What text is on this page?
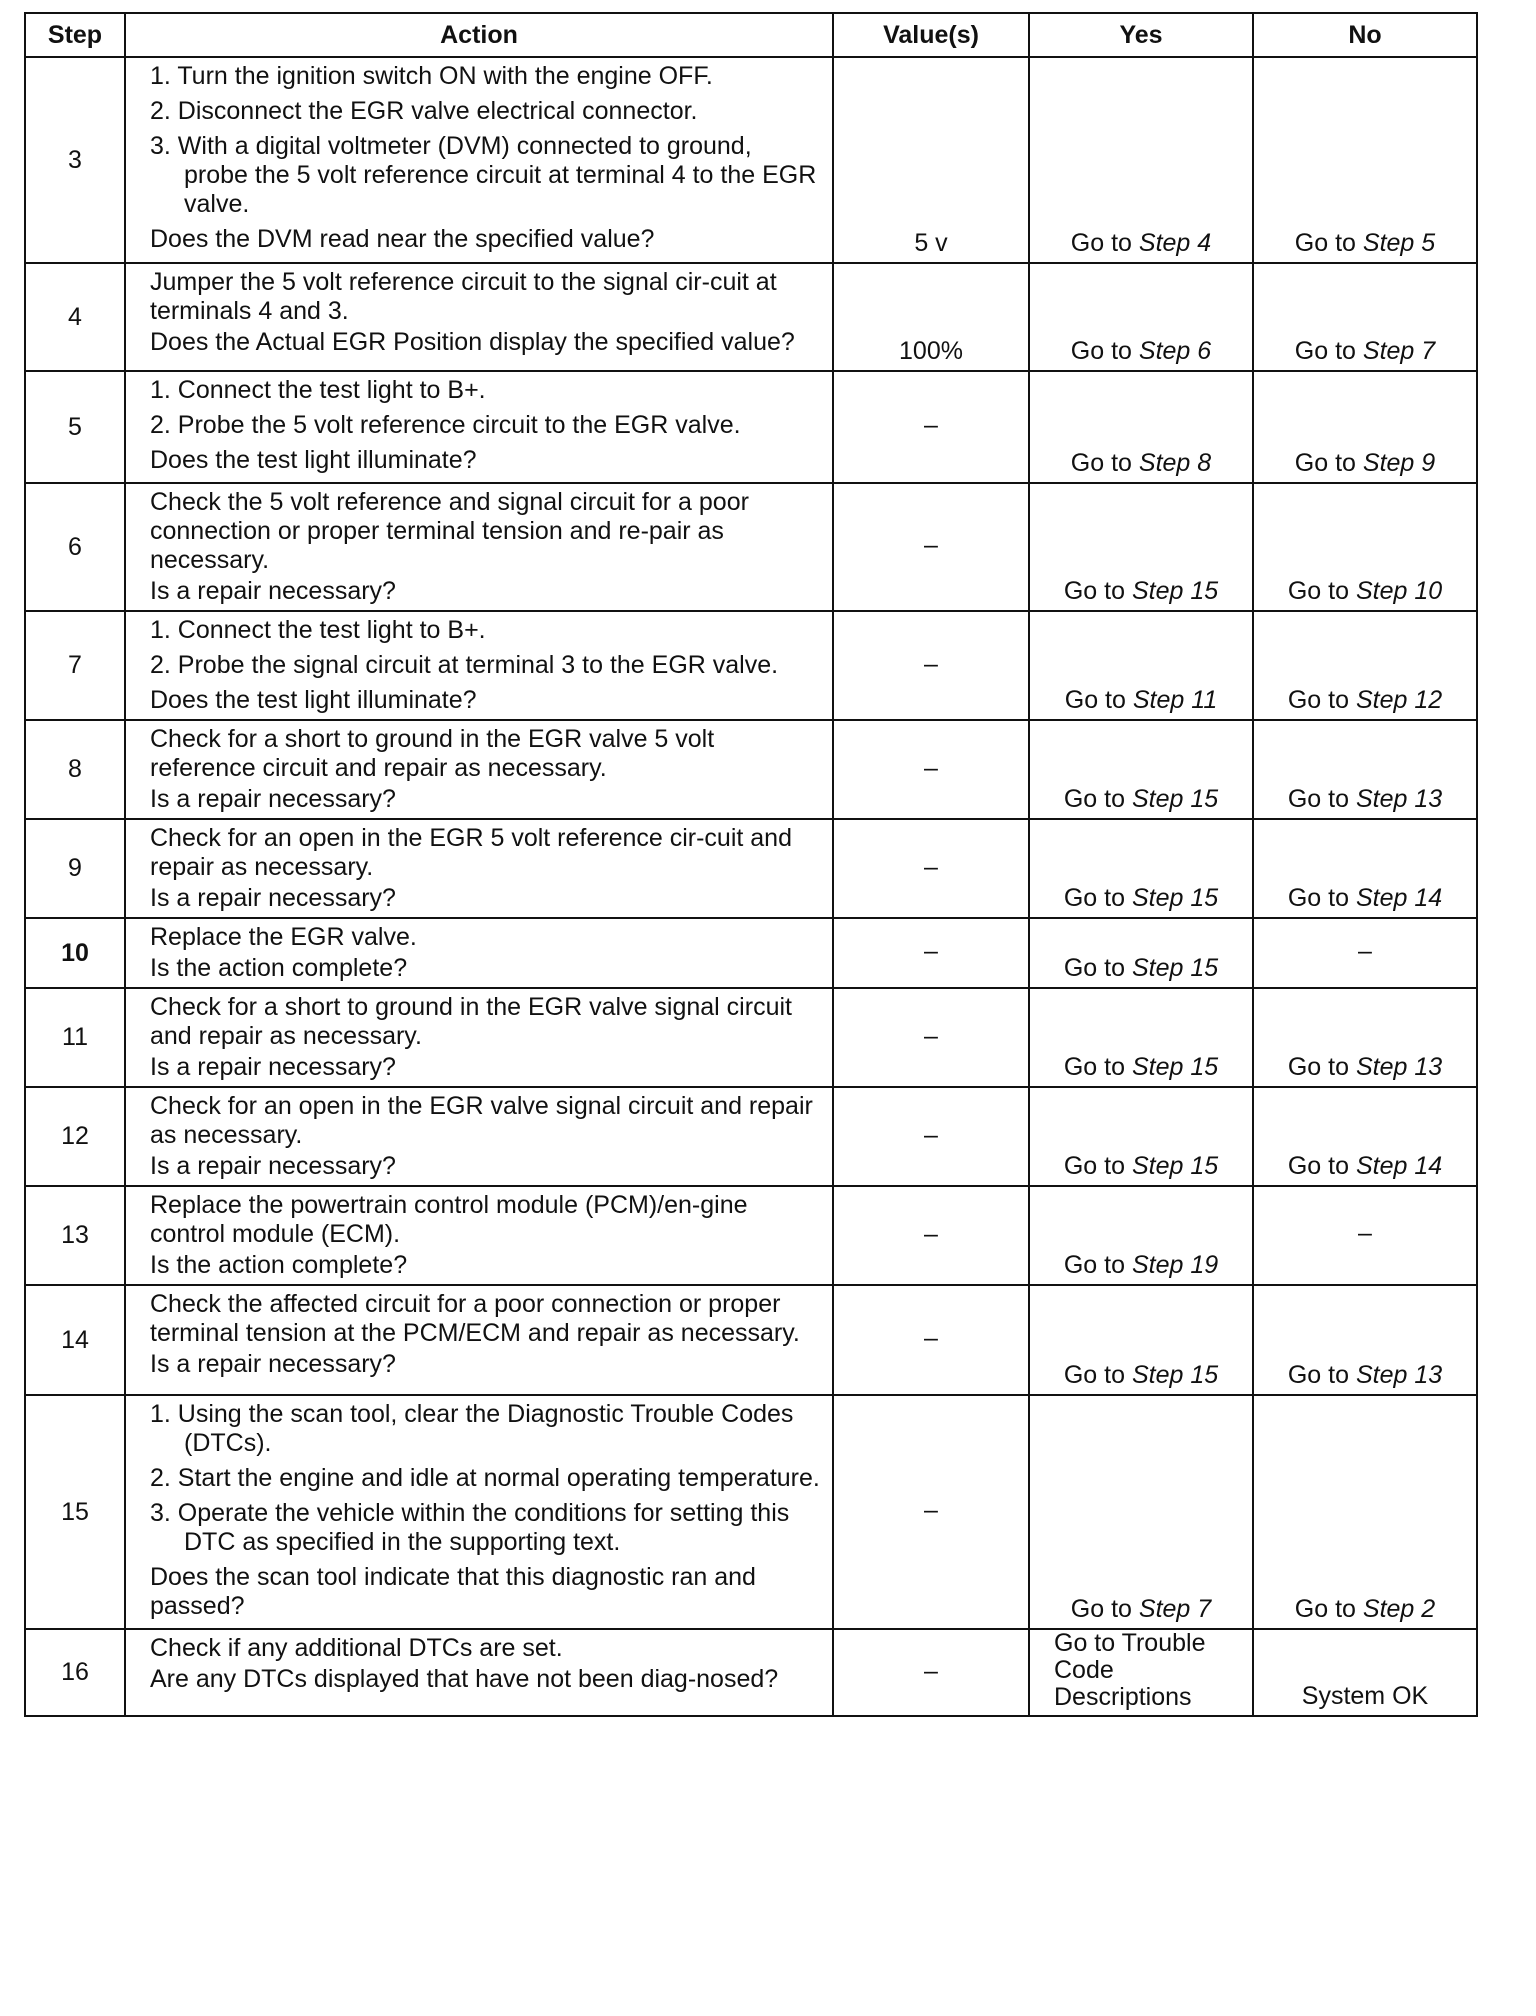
Step	Action	Value(s)	Yes	No
3	1. Turn the ignition switch ON with the engine OFF.
2. Disconnect the EGR valve electrical connector.
3. With a digital voltmeter (DVM) connected to ground, probe the 5 volt reference circuit at terminal 4 to the EGR valve.
Does the DVM read near the specified value?	5 v	Go to Step 4	Go to Step 5
4	Jumper the 5 volt reference circuit to the signal cir-cuit at terminals 4 and 3.
Does the Actual EGR Position display the specified value?	100%	Go to Step 6	Go to Step 7
5	1. Connect the test light to B+.
2. Probe the 5 volt reference circuit to the EGR valve.
Does the test light illuminate?	–	Go to Step 8	Go to Step 9
6	Check the 5 volt reference and signal circuit for a poor connection or proper terminal tension and re-pair as necessary.
Is a repair necessary?	–	Go to Step 15	Go to Step 10
7	1. Connect the test light to B+.
2. Probe the signal circuit at terminal 3 to the EGR valve.
Does the test light illuminate?	–	Go to Step 11	Go to Step 12
8	Check for a short to ground in the EGR valve 5 volt reference circuit and repair as necessary.
Is a repair necessary?	–	Go to Step 15	Go to Step 13
9	Check for an open in the EGR 5 volt reference cir-cuit and repair as necessary.
Is a repair necessary?	–	Go to Step 15	Go to Step 14
10	Replace the EGR valve.
Is the action complete?	–	Go to Step 15	–
11	Check for a short to ground in the EGR valve signal circuit and repair as necessary.
Is a repair necessary?	–	Go to Step 15	Go to Step 13
12	Check for an open in the EGR valve signal circuit and repair as necessary.
Is a repair necessary?	–	Go to Step 15	Go to Step 14
13	Replace the powertrain control module (PCM)/en-gine control module (ECM).
Is the action complete?	–	Go to Step 19	–
14	Check the affected circuit for a poor connection or proper terminal tension at the PCM/ECM and repair as necessary.
Is a repair necessary?	–	Go to Step 15	Go to Step 13
15	1. Using the scan tool, clear the Diagnostic Trouble Codes (DTCs).
2. Start the engine and idle at normal operating temperature.
3. Operate the vehicle within the conditions for setting this DTC as specified in the supporting text.
Does the scan tool indicate that this diagnostic ran and passed?	–	Go to Step 7	Go to Step 2
16	Check if any additional DTCs are set.
Are any DTCs displayed that have not been diag-nosed?	–	Go to Trouble Code Descriptions	System OK
